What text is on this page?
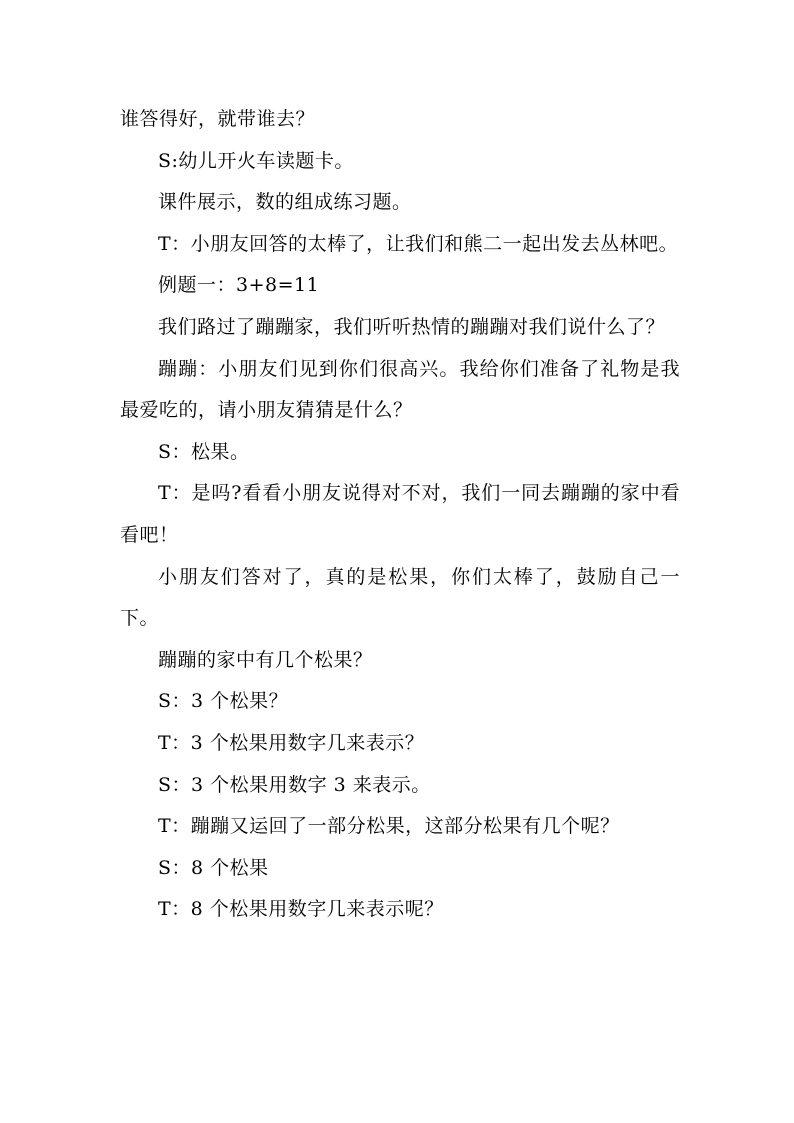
谁答得好，就带谁去？

S:幼儿开火车读题卡。

课件展示，数的组成练习题。

T：小朋友回答的太棒了，让我们和熊二一起出发去丛林吧。

例题一：3+8=11

我们路过了蹦蹦家，我们听听热情的蹦蹦对我们说什么了？

蹦蹦：小朋友们见到你们很高兴。我给你们准备了礼物是我最爱吃的，请小朋友猜猜是什么？

S：松果。

T：是吗?看看小朋友说得对不对，我们一同去蹦蹦的家中看看吧！

小朋友们答对了，真的是松果，你们太棒了，鼓励自己一下。

蹦蹦的家中有几个松果？

S：3 个松果？

T：3 个松果用数字几来表示？

S：3 个松果用数字 3 来表示。

T：蹦蹦又运回了一部分松果，这部分松果有几个呢？

S：8 个松果

T：8 个松果用数字几来表示呢？
